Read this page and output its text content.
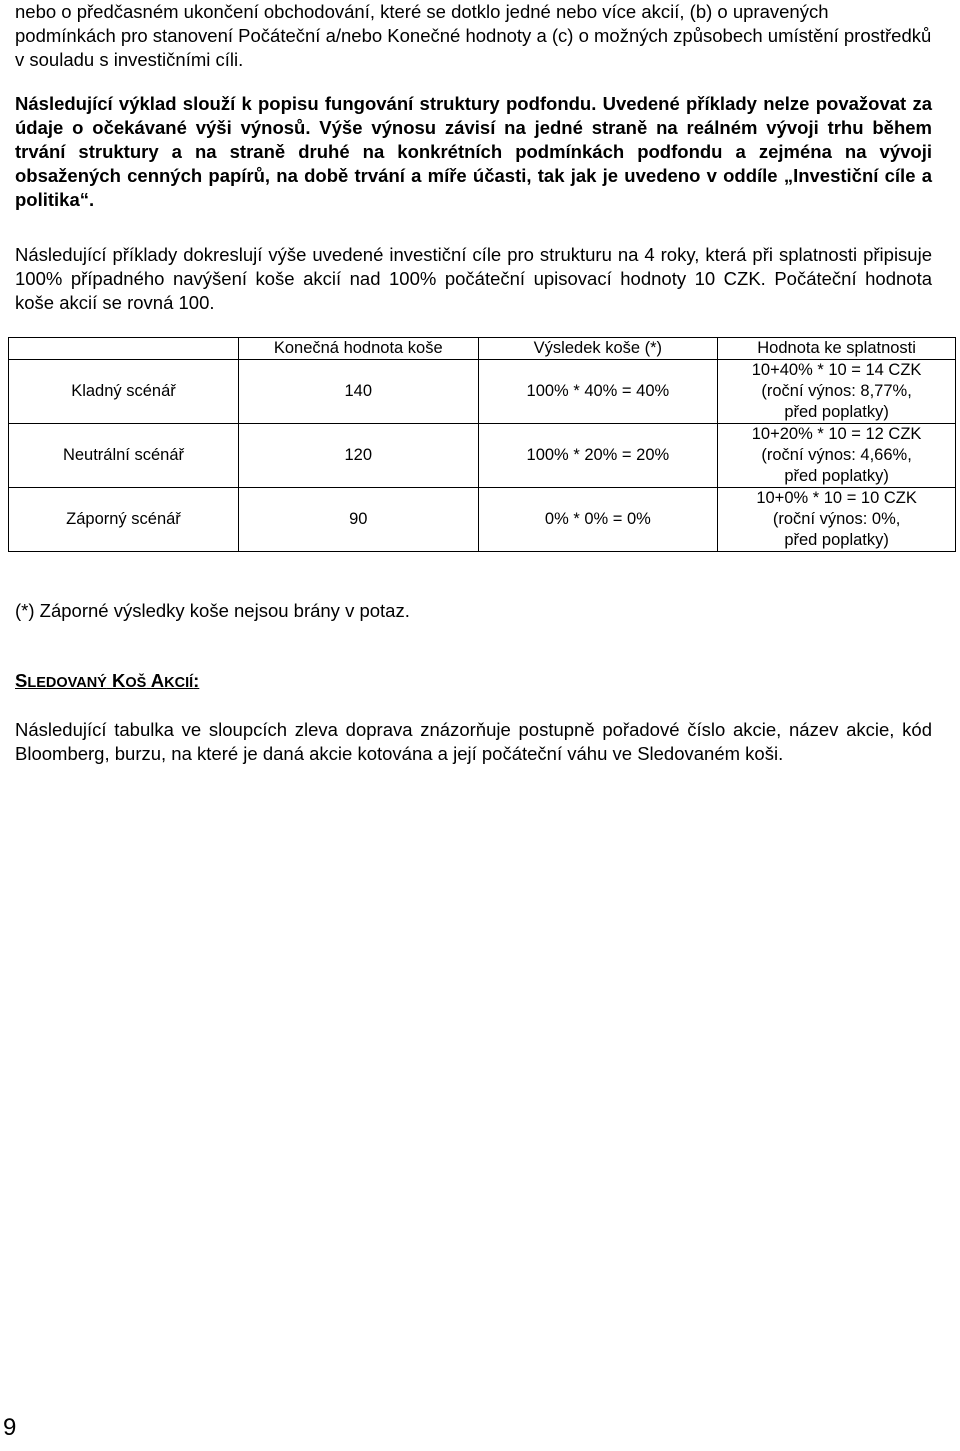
nebo o předčasném ukončení obchodování, které se dotklo jedné nebo více akcií, (b) o upravených podmínkách pro stanovení Počáteční a/nebo Konečné hodnoty a (c) o možných způsobech umístění prostředků v souladu s investičními cíli.

Následující výklad slouží k popisu fungování struktury podfondu. Uvedené příklady nelze považovat za údaje o očekávané výši výnosů. Výše výnosu závisí na jedné straně na reálném vývoji trhu během trvání struktury a na straně druhé na konkrétních podmínkách podfondu a zejména na vývoji obsažených cenných papírů, na době trvání a míře účasti, tak jak je uvedeno v oddíle „Investiční cíle a politika“.

Následující příklady dokreslují výše uvedené investiční cíle pro strukturu na 4 roky, která při splatnosti připisuje 100% případného navýšení koše akcií nad 100% počáteční upisovací hodnoty 10 CZK. Počáteční hodnota koše akcií se rovná 100.

	Konečná hodnota koše	Výsledek koše (*)	Hodnota ke splatnosti
Kladný scénář	140	100% * 40% = 40%	10+40% * 10 = 14 CZK
(roční výnos: 8,77%,
před poplatky)

Neutrální scénář	120	100% * 20% = 20%	10+20% * 10 = 12 CZK
(roční výnos: 4,66%,
před poplatky)

Záporný scénář	90	0% * 0% = 0%	10+0% * 10 = 10 CZK
(roční výnos: 0%,
před poplatky)
(*) Záporné výsledky koše nejsou brány v potaz.
SLEDOVANÝ KOŠ AKCIÍ:

Následující tabulka ve sloupcích zleva doprava znázorňuje postupně pořadové číslo akcie, název akcie, kód Bloomberg, burzu, na které je daná akcie kotována a její počáteční váhu ve Sledovaném koši.

9
